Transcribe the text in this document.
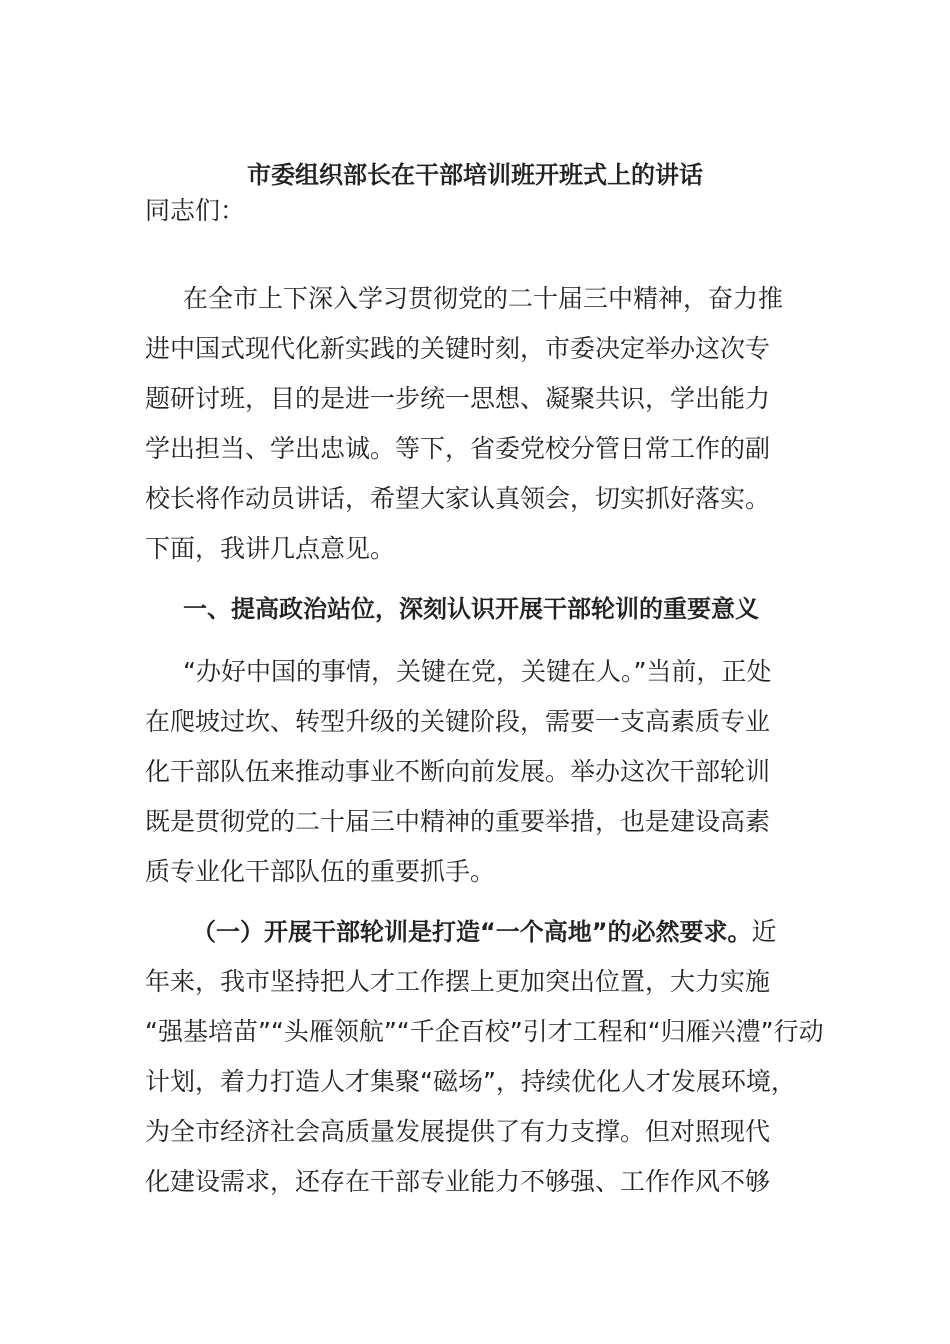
市委组织部长在干部培训班开班式上的讲话
同志们：
在全市上下深入学习贯彻党的二十届三中精神，奋力推
进中国式现代化新实践的关键时刻，市委决定举办这次专
题研讨班，目的是进一步统一思想、凝聚共识，学出能力
学出担当、学出忠诚。等下，省委党校分管日常工作的副
校长将作动员讲话，希望大家认真领会，切实抓好落实。
下面，我讲几点意见。
一、提高政治站位，深刻认识开展干部轮训的重要意义
“办好中国的事情，关键在党，关键在人。”当前，正处
在爬坡过坎、转型升级的关键阶段，需要一支高素质专业
化干部队伍来推动事业不断向前发展。举办这次干部轮训
既是贯彻党的二十届三中精神的重要举措，也是建设高素
质专业化干部队伍的重要抓手。
（一）开展干部轮训是打造“一个高地”的必然要求。近
年来，我市坚持把人才工作摆上更加突出位置，大力实施
“强基培苗”“头雁领航”“千企百校”引才工程和“归雁兴澧”行动
计划，着力打造人才集聚“磁场”，持续优化人才发展环境，
为全市经济社会高质量发展提供了有力支撑。但对照现代
化建设需求，还存在干部专业能力不够强、工作作风不够
